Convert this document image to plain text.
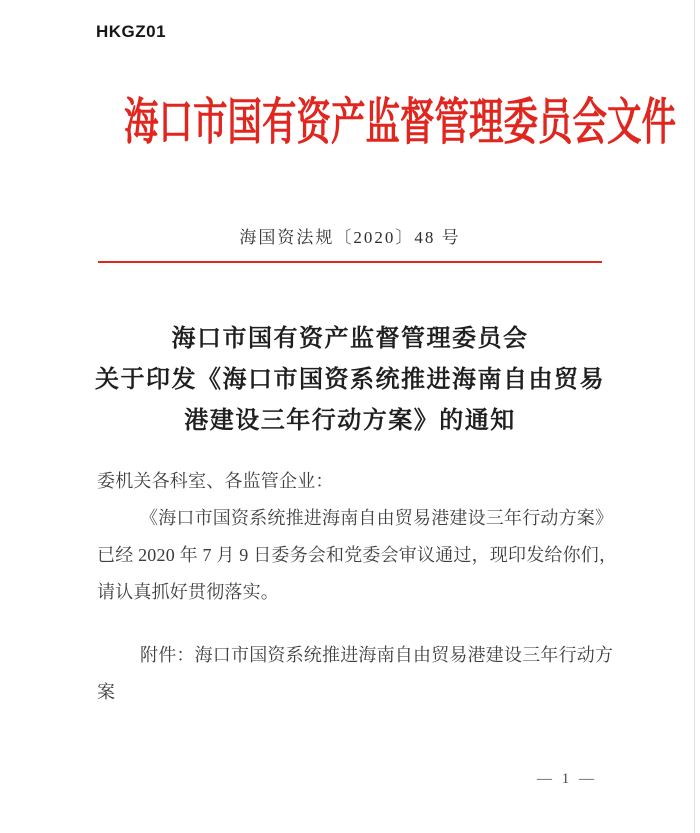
HKGZ01
海口市国有资产监督管理委员会文件
海国资法规〔2020〕48 号
海口市国有资产监督管理委员会
关于印发《海口市国资系统推进海南自由贸易
港建设三年行动方案》的通知
委机关各科室、各监管企业：
《海口市国资系统推进海南自由贸易港建设三年行动方案》
已经 2020 年 7 月 9 日委务会和党委会审议通过，现印发给你们，
请认真抓好贯彻落实。
附件：海口市国资系统推进海南自由贸易港建设三年行动方
案
— 1 —
